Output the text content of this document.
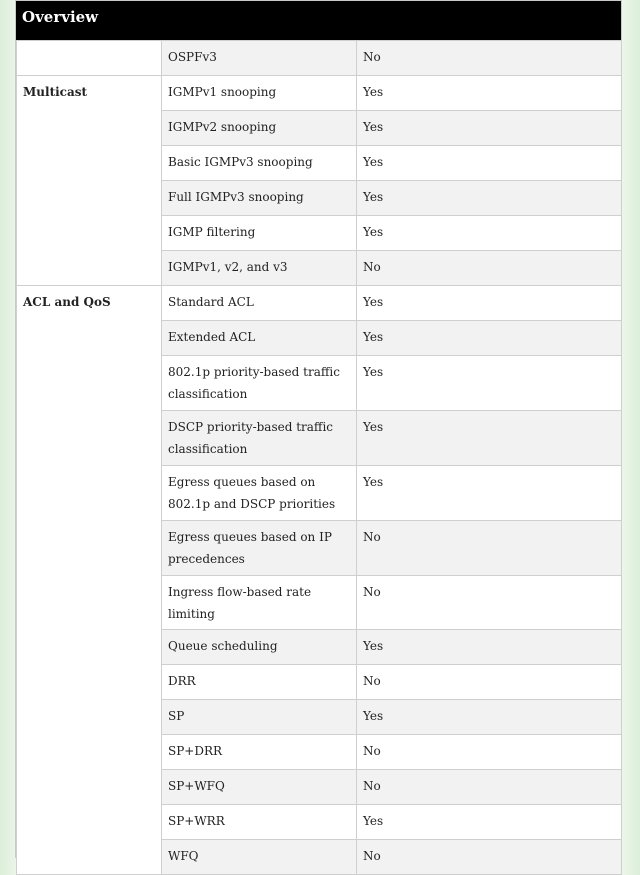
Overview
	OSPFv3	No
Multicast	IGMPv1 snooping	Yes
	IGMPv2 snooping	Yes
	Basic IGMPv3 snooping	Yes
	Full IGMPv3 snooping	Yes
	IGMP filtering	Yes
	IGMPv1, v2, and v3	No
ACL and QoS	Standard ACL	Yes
	Extended ACL	Yes
	802.1p priority-based traffic classification	Yes
	DSCP priority-based traffic classification	Yes
	Egress queues based on 802.1p and DSCP priorities	Yes
	Egress queues based on IP precedences	No
	Ingress flow-based rate limiting	No
	Queue scheduling	Yes
	DRR	No
	SP	Yes
	SP+DRR	No
	SP+WFQ	No
	SP+WRR	Yes
	WFQ	No
